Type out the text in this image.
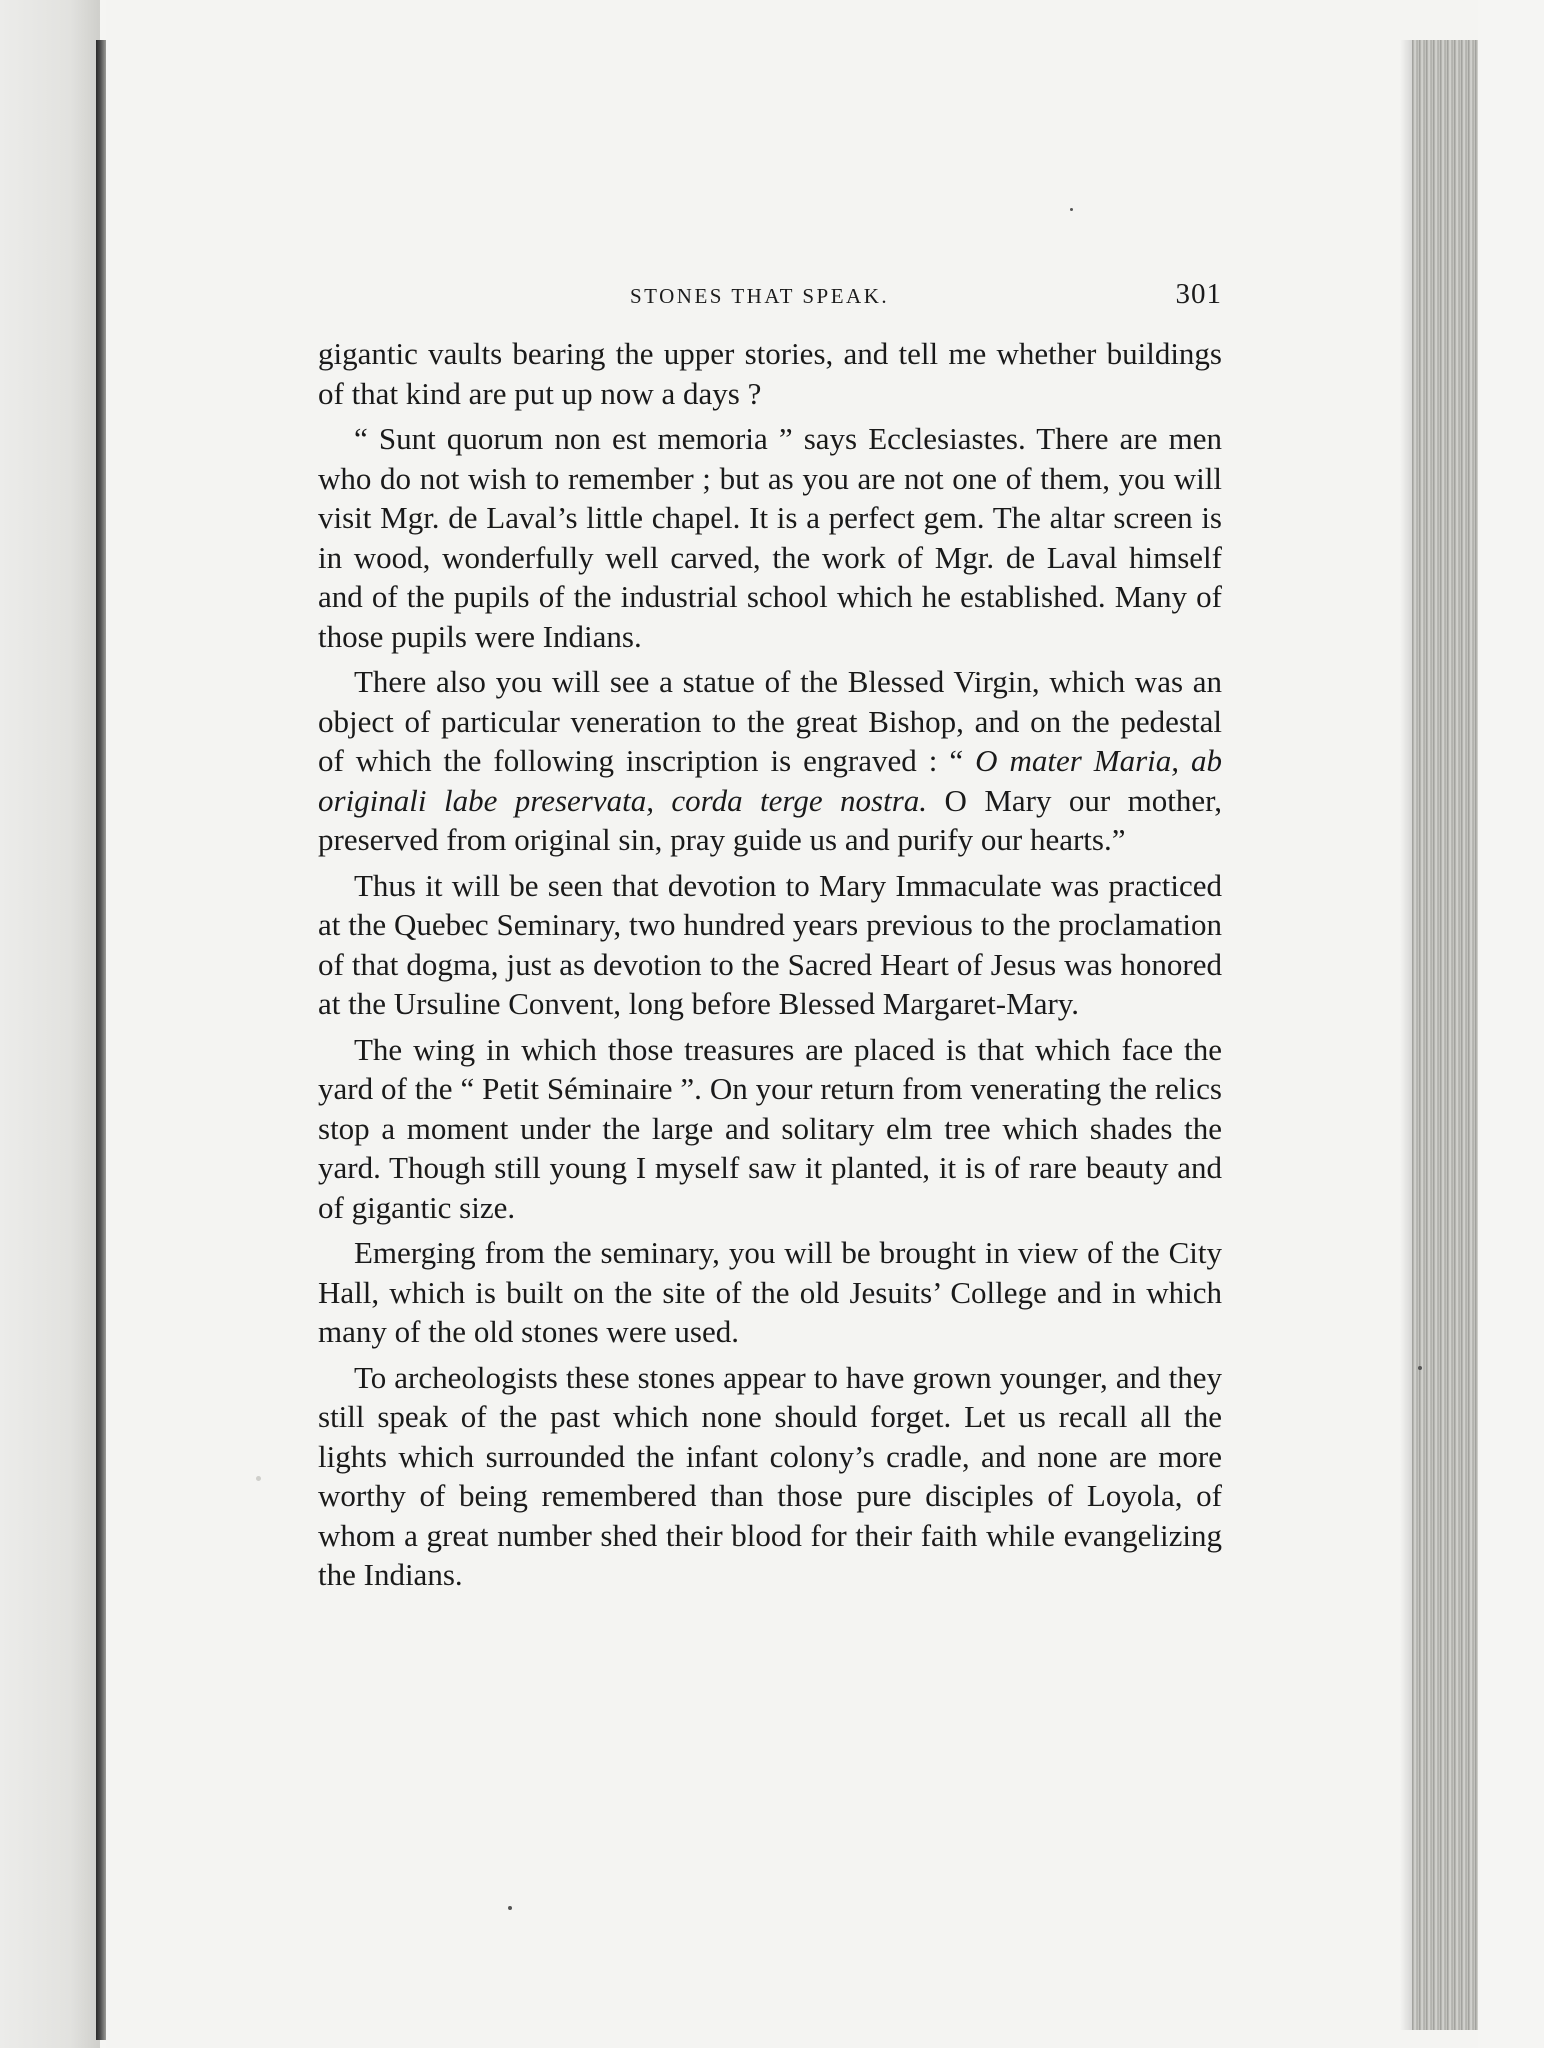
STONES THAT SPEAK.	301

gigantic vaults bearing the upper stories, and tell me whether buildings of that kind are put up now a days ?

“ Sunt quorum non est memoria ” says Ecclesiastes. There are men who do not wish to remember ; but as you are not one of them, you will visit Mgr. de Laval’s little chapel. It is a perfect gem. The altar screen is in wood, wonderfully well carved, the work of Mgr. de Laval himself and of the pupils of the industrial school which he established. Many of those pupils were Indians.

There also you will see a statue of the Blessed Virgin, which was an object of particular veneration to the great Bishop, and on the pedestal of which the following inscription is engraved : “ O mater Maria, ab originali labe preservata, corda terge nostra. O Mary our mother, preserved from original sin, pray guide us and purify our hearts.”

Thus it will be seen that devotion to Mary Immaculate was practiced at the Quebec Seminary, two hundred years previous to the proclamation of that dogma, just as devotion to the Sacred Heart of Jesus was honored at the Ursuline Convent, long before Blessed Margaret-Mary.

The wing in which those treasures are placed is that which face the yard of the “ Petit Séminaire ”. On your return from venerating the relics stop a moment under the large and solitary elm tree which shades the yard. Though still young I myself saw it planted, it is of rare beauty and of gigantic size.

Emerging from the seminary, you will be brought in view of the City Hall, which is built on the site of the old Jesuits’ College and in which many of the old stones were used.

To archeologists these stones appear to have grown younger, and they still speak of the past which none should forget. Let us recall all the lights which surrounded the infant colony’s cradle, and none are more worthy of being remembered than those pure disciples of Loyola, of whom a great number shed their blood for their faith while evangelizing the Indians.
